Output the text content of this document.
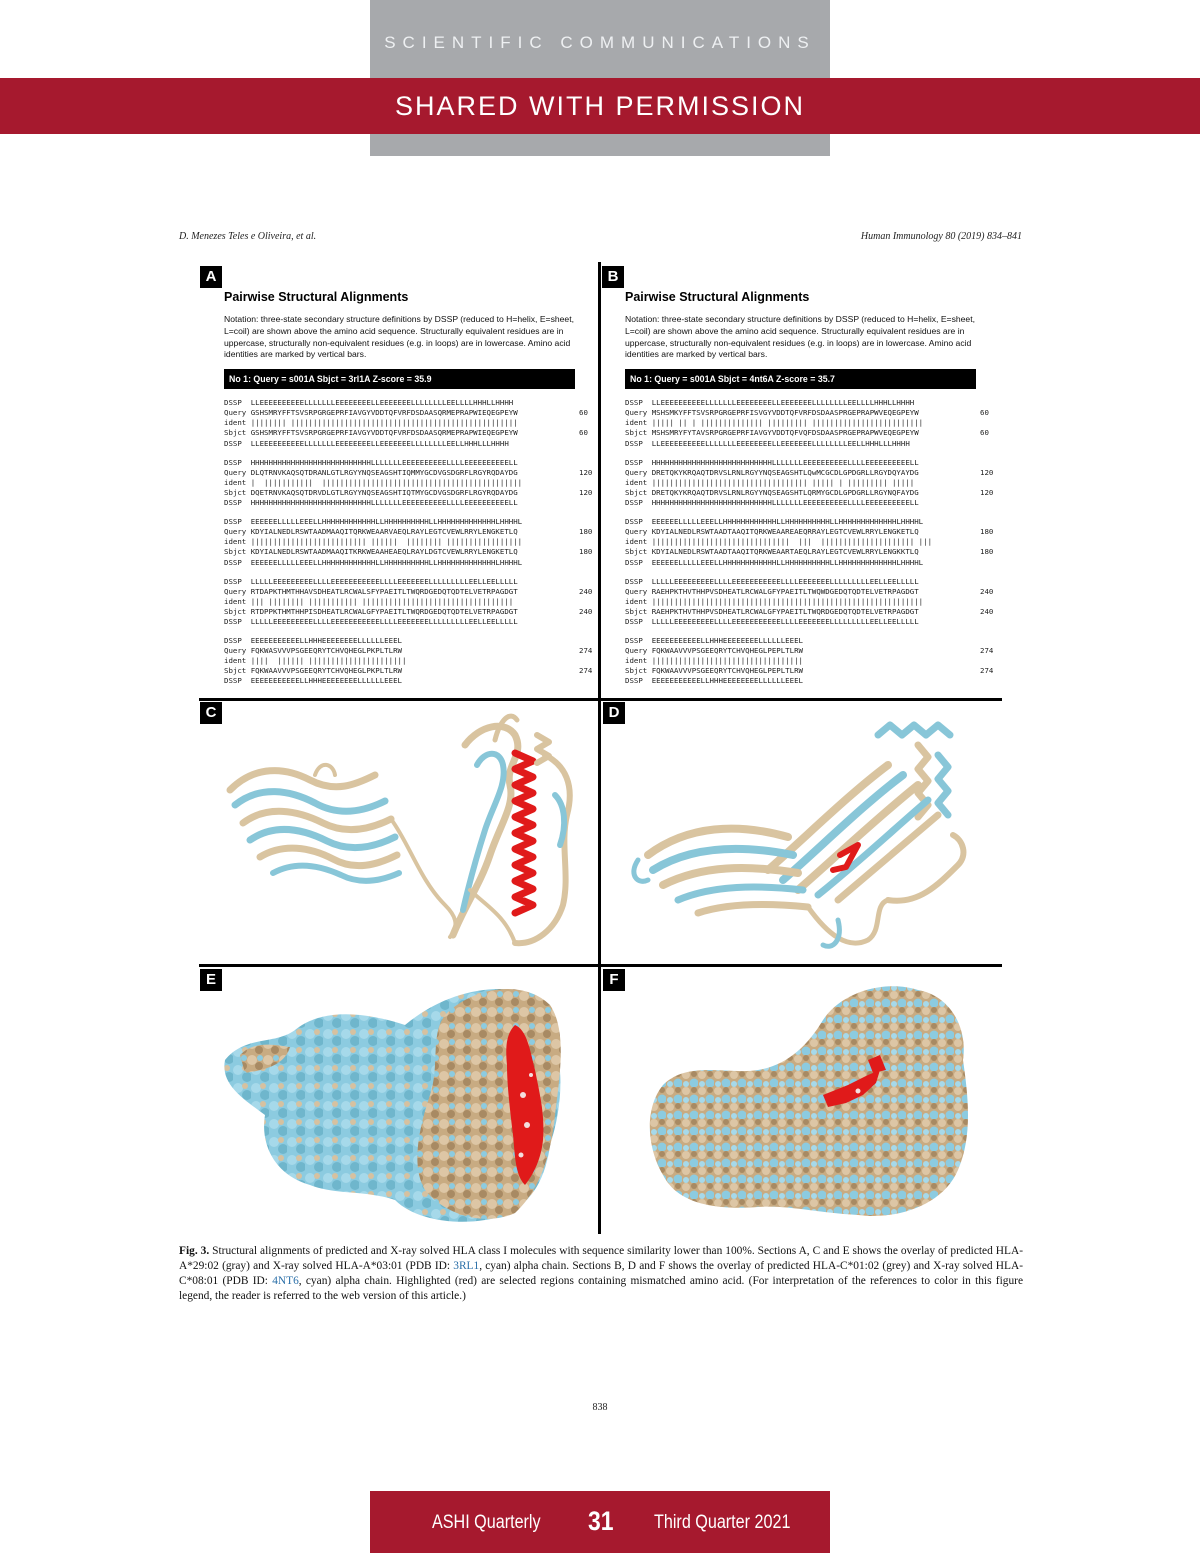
SCIENTIFIC COMMUNICATIONS
SHARED WITH PERMISSION
D. Menezes Teles e Oliveira, et al.	Human Immunology 80 (2019) 834–841
A	B
C	D
E	F
Pairwise Structural Alignments
Notation: three-state secondary structure definitions by DSSP (reduced to H=helix, E=sheet, L=coil) are shown above the amino acid sequence. Structurally equivalent residues are in uppercase, structurally non-equivalent residues (e.g. in loops) are in lowercase. Amino acid identities are marked by vertical bars.
No 1: Query = s001A Sbjct = 3rl1A Z-score = 35.9
DSSP  LLEEEEEEEEEELLLLLLLEEEEEEEELLEEEEEEELLLLLLLLEELLLLHHHLLHHHH
Query GSHSMRYFFTSVSRPGRGEPRFIAVGYVDDTQFVRFDSDAASQRMEPRAPWIEQEGPEYW	60
ident |||||||| |||||||||||||||||||||||||||||||||||||||||||||||||||
Sbjct GSHSMRYFFTSVSRPGRGEPRFIAVGYVDDTQFVRFDSDAASQRMEPRAPWIEQEGPEYW	60
DSSP  LLEEEEEEEEEELLLLLLLEEEEEEEELLEEEEEEELLLLLLLLEELLHHHLLLHHHH
DSSP  HHHHHHHHHHHHHHHHHHHHHHHHHHHLLLLLLLEEEEEEEEEELLLLEEEEEEEEEELL
Query DLQTRNVKAQSQTDRANLGTLRGYYNQSEAGSHTIQMMYGCDVGSDGRFLRGYRQDAYDG	120
ident |  |||||||||||  |||||||||||||||||||||||||||||||||||||||||||||
Sbjct DQETRNVKAQSQTDRVDLGTLRGYYNQSEAGSHTIQTMYGCDVGSDGRFLRGYRQDAYDG	120
DSSP  HHHHHHHHHHHHHHHHHHHHHHHHHHHLLLLLLLEEEEEEEEEELLLLEEEEEEEEEELL
DSSP  EEEEEELLLLLEEELLHHHHHHHHHHHHLLHHHHHHHHHHLLHHHHHHHHHHHHHLHHHHL
Query KDYIALNEDLRSWTAADMAAQITQRKWEAARVAEQLRAYLEGTCVEWLRRYLENGKETLQ	180
ident |||||||||||||||||||||||||| ||||||  |||||||| |||||||||||||||||
Sbjct KDYIALNEDLRSWTAADMAAQITKRKWEAAHEAEQLRAYLDGTCVEWLRRYLENGKETLQ	180
DSSP  EEEEEELLLLLEEELLHHHHHHHHHHHHLLHHHHHHHHHHLLHHHHHHHHHHHHHLHHHHL
DSSP  LLLLLEEEEEEEEELLLLEEEEEEEEEEELLLLEEEEEEELLLLLLLLLEELLEELLLLL
Query RTDAPKTHMTHHAVSDHEATLRCWALSFYPAEITLTWQRDGEDQTQDTELVETRPAGDGT	240
ident ||| |||||||| ||||||||||| ||||||||||||||||||||||||||||||||||
Sbjct RTDPPKTHMTHHPISDHEATLRCWALGFYPAEITLTWQRDGEDQTQDTELVETRPAGDGT	240
DSSP  LLLLLEEEEEEEEELLLLEEEEEEEEEEELLLLEEEEEEELLLLLLLLLEELLEELLLLL
DSSP  EEEEEEEEEEELLHHHEEEEEEEELLLLLLEEEL
Query FQKWASVVVPSGEEQRYTCHVQHEGLPKPLTLRW	274
ident ||||  |||||| ||||||||||||||||||||||
Sbjct FQKWAAVVVPSGEEQRYTCHVQHEGLPKPLTLRW	274
DSSP  EEEEEEEEEEELLHHHEEEEEEEELLLLLLEEEL
Pairwise Structural Alignments
Notation: three-state secondary structure definitions by DSSP (reduced to H=helix, E=sheet, L=coil) are shown above the amino acid sequence. Structurally equivalent residues are in uppercase, structurally non-equivalent residues (e.g. in loops) are in lowercase. Amino acid identities are marked by vertical bars.
No 1: Query = s001A Sbjct = 4nt6A Z-score = 35.7
DSSP  LLEEEEEEEEEELLLLLLLEEEEEEEELLEEEEEEELLLLLLLLEELLLLHHHLLHHHH
Query MSHSMKYFFTSVSRPGRGEPRFISVGYVDDTQFVRFDSDAASPRGEPRAPWVEQEGPEYW	60
ident ||||| || | |||||||||||||| ||||||||| |||||||||||||||||||||||||
Sbjct MSHSMRYFYTAVSRPGRGEPRFIAVGYVDDTQFVQFDSDAASPRGEPRAPWVEQEGPEYW	60
DSSP  LLEEEEEEEEEELLLLLLLEEEEEEEELLEEEEEEELLLLLLLLEELLHHHLLLHHHH
DSSP  HHHHHHHHHHHHHHHHHHHHHHHHHHHLLLLLLLEEEEEEEEEELLLLEEEEEEEEEELL
Query DRETQKYKRQAQTDRVSLRNLRGYYNQSEAGSHTLQwMCGCDLGPDGRLLRGYDQYAYDG	120
ident ||||||||||||||||||||||||||||||||||| ||||| | ||||||||| |||||
Sbjct DRETQKYKRQAQTDRVSLRNLRGYYNQSEAGSHTLQRMYGCDLGPDGRLLRGYNQFAYDG	120
DSSP  HHHHHHHHHHHHHHHHHHHHHHHHHHHLLLLLLLEEEEEEEEEELLLLEEEEEEEEEELL
DSSP  EEEEEELLLLLEEELLHHHHHHHHHHHHLLHHHHHHHHHHLLHHHHHHHHHHHHHLHHHHL
Query KDYIALNEDLRSWTAADTAAQITQRKWEAAREAEQRRAYLEGTCVEWLRRYLENGKETLQ	180
ident |||||||||||||||||||||||||||||||  |||  ||||||||||||||||||||| |||
Sbjct KDYIALNEDLRSWTAADTAAQITQRKWEAARTAEQLRAYLEGTCVEWLRRYLENGKKTLQ	180
DSSP  EEEEEELLLLLEEELLHHHHHHHHHHHHLLHHHHHHHHHHLLHHHHHHHHHHHHHLHHHHL
DSSP  LLLLLEEEEEEEEELLLLEEEEEEEEEEELLLLEEEEEEELLLLLLLLLEELLEELLLLL
Query RAEHPKTHVTHHPVSDHEATLRCWALGFYPAEITLTWQWDGEDQTQDTELVETRPAGDGT	240
ident |||||||||||||||||||||||||||||||||||||||||||||||||||||||||||||
Sbjct RAEHPKTHVTHHPVSDHEATLRCWALGFYPAEITLTWQRDGEDQTQDTELVETRPAGDGT	240
DSSP  LLLLLEEEEEEEEELLLLEEEEEEEEEEELLLLEEEEEEELLLLLLLLLEELLEELLLLL
DSSP  EEEEEEEEEEELLHHHEEEEEEEELLLLLLEEEL
Query FQKWAAVVVPSGEEQRYTCHVQHEGLPEPLTLRW	274
ident ||||||||||||||||||||||||||||||||||
Sbjct FQKWAAVVVPSGEEQRYTCHVQHEGLPEPLTLRW	274
DSSP  EEEEEEEEEEELLHHHEEEEEEEELLLLLLEEEL
Fig. 3. Structural alignments of predicted and X-ray solved HLA class I molecules with sequence similarity lower than 100%. Sections A, C and E shows the overlay of predicted HLA-A*29:02 (gray) and X-ray solved HLA-A*03:01 (PDB ID: 3RL1, cyan) alpha chain. Sections B, D and F shows the overlay of predicted HLA-C*01:02 (grey) and X-ray solved HLA-C*08:01 (PDB ID: 4NT6, cyan) alpha chain. Highlighted (red) are selected regions containing mismatched amino acid. (For interpretation of the references to color in this figure legend, the reader is referred to the web version of this article.)
838
ASHI Quarterly 31 Third Quarter 2021
